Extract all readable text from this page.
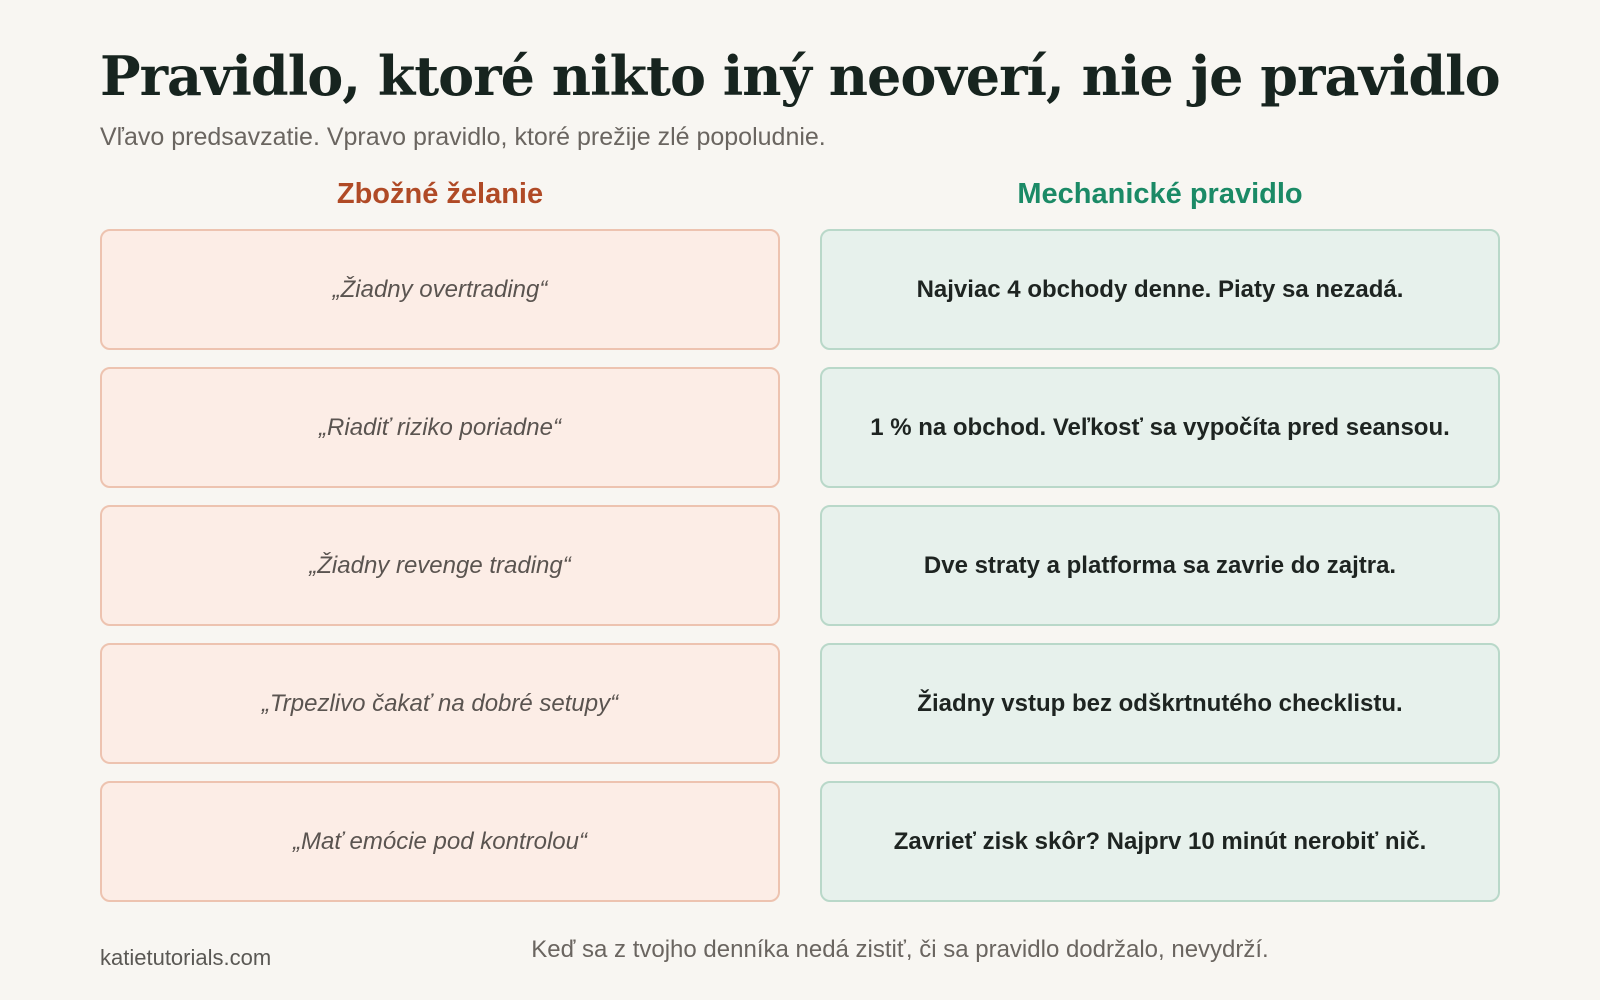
Pravidlo, ktoré nikto iný neoverí, nie je pravidlo

Vľavo predsavzatie. Vpravo pravidlo, ktoré prežije zlé popoludnie.

Zbožné želanie	Mechanické pravidlo
„Žiadny overtrading“
„Riadiť riziko poriadne“
„Žiadny revenge trading“
„Trpezlivo čakať na dobré setupy“
„Mať emócie pod kontrolou“
Najviac 4 obchody denne. Piaty sa nezadá.
1 % na obchod. Veľkosť sa vypočíta pred seansou.
Dve straty a platforma sa zavrie do zajtra.
Žiadny vstup bez odškrtnutého checklistu.
Zavrieť zisk skôr? Najprv 10 minút nerobiť nič.

katietutorials.com	Keď sa z tvojho denníka nedá zistiť, či sa pravidlo dodržalo, nevydrží.
